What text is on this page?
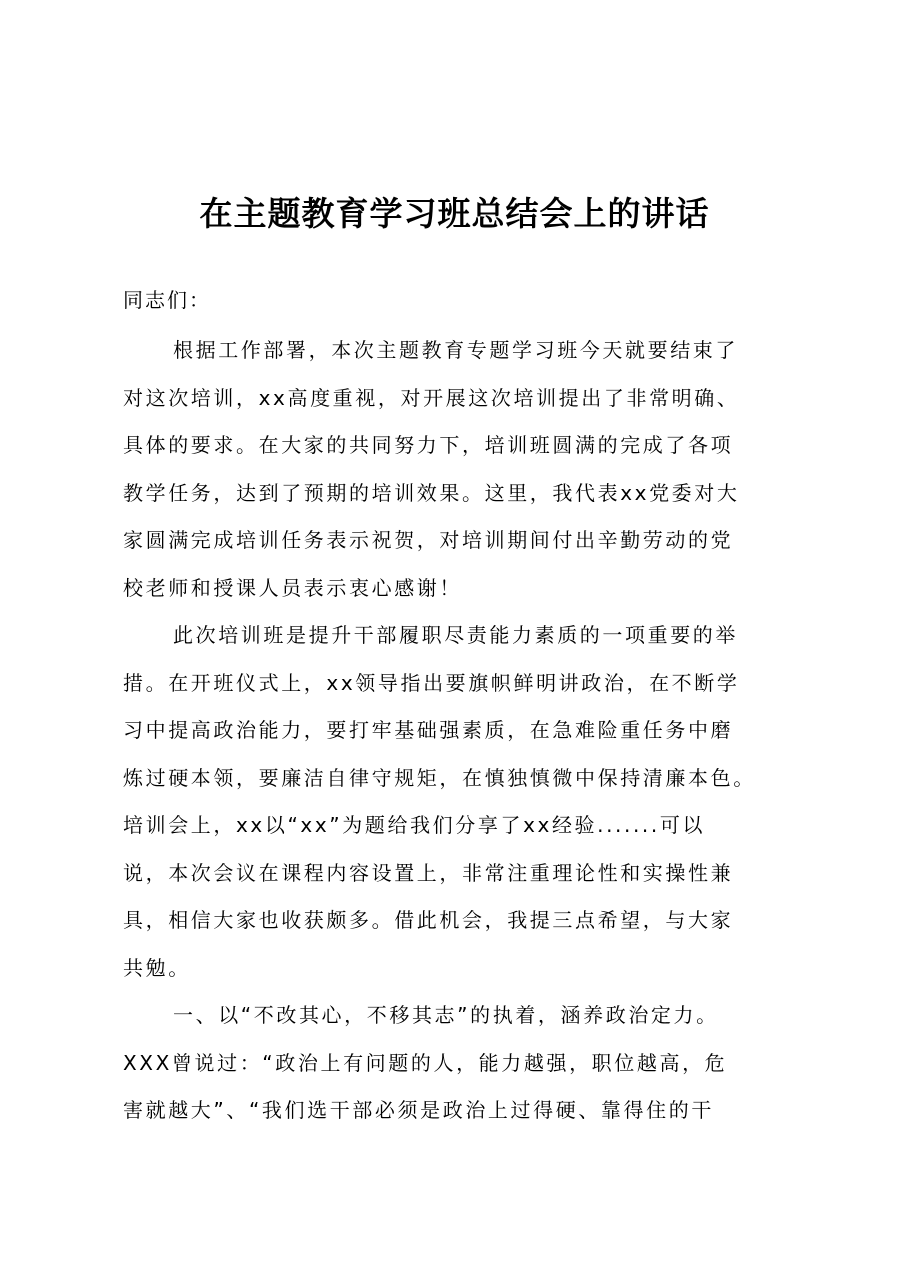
在主题教育学习班总结会上的讲话
同志们：
根据工作部署，本次主题教育专题学习班今天就要结束了
对这次培训，xx高度重视，对开展这次培训提出了非常明确、
具体的要求。在大家的共同努力下，培训班圆满的完成了各项
教学任务，达到了预期的培训效果。这里，我代表xx党委对大
家圆满完成培训任务表示祝贺，对培训期间付出辛勤劳动的党
校老师和授课人员表示衷心感谢！
此次培训班是提升干部履职尽责能力素质的一项重要的举
措。在开班仪式上，xx领导指出要旗帜鲜明讲政治，在不断学
习中提高政治能力，要打牢基础强素质，在急难险重任务中磨
炼过硬本领，要廉洁自律守规矩，在慎独慎微中保持清廉本色。
培训会上，xx以“xx”为题给我们分享了xx经验.......可以
说，本次会议在课程内容设置上，非常注重理论性和实操性兼
具，相信大家也收获颇多。借此机会，我提三点希望，与大家
共勉。
一、以“不改其心，不移其志”的执着，涵养政治定力。
XXX曾说过：“政治上有问题的人，能力越强，职位越高，危
害就越大”、“我们选干部必须是政治上过得硬、靠得住的干
